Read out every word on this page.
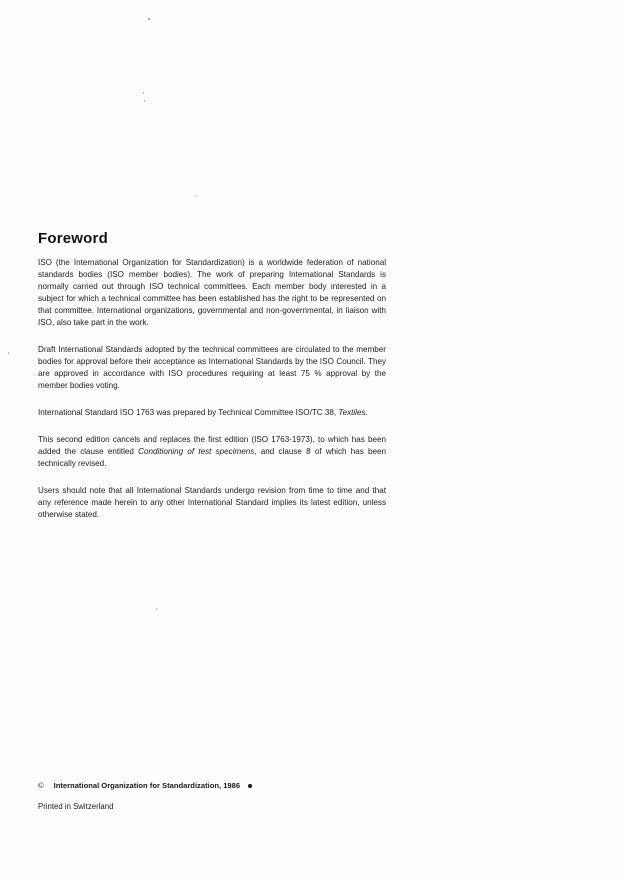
Foreword

ISO (the International Organization for Standardization) is a worldwide federation of national standards bodies (ISO member bodies). The work of preparing International Standards is normally carried out through ISO technical committees. Each member body interested in a subject for which a technical committee has been established has the right to be represented on that committee. International organizations, governmental and non-governmental, in liaison with ISO, also take part in the work.

Draft International Standards adopted by the technical committees are circulated to the member bodies for approval before their acceptance as International Standards by the ISO Council. They are approved in accordance with ISO procedures requiring at least 75 % approval by the member bodies voting.

International Standard ISO 1763 was prepared by Technical Committee ISO/TC 38, Textiles.

This second edition cancels and replaces the first edition (ISO 1763-1973), to which has been added the clause entitled Conditioning of test specimens, and clause 8 of which has been technically revised.

Users should note that all International Standards undergo revision from time to time and that any reference made herein to any other International Standard implies its latest edition, unless otherwise stated.

© International Organization for Standardization, 1986
Printed in Switzerland
